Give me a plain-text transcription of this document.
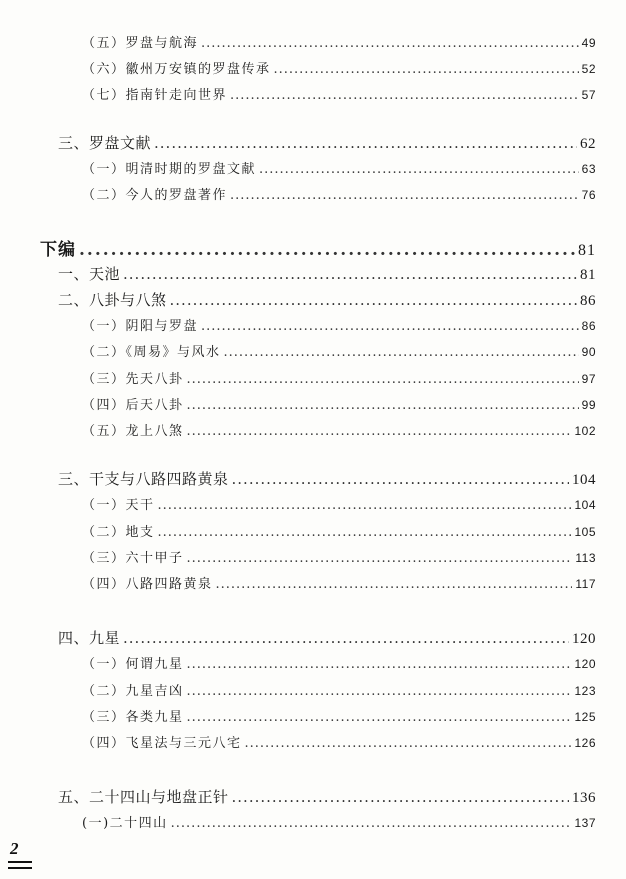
（五）罗盘与航海 .....	49
（六）徽州万安镇的罗盘传承 .....	52
（七）指南针走向世界 .....	57
三、罗盘文献 .....	62
（一）明清时期的罗盘文献 .....	63
（二）今人的罗盘著作 .....	76
下编 .....	81
一、天池 .....	81
二、八卦与八煞 .....	86
（一）阴阳与罗盘 .....	86
（二）《周易》与风水 .....	90
（三）先天八卦 .....	97
（四）后天八卦 .....	99
（五）龙上八煞 .....	102
三、干支与八路四路黄泉 .....	104
（一）天干 .....	104
（二）地支 .....	105
（三）六十甲子 .....	113
（四）八路四路黄泉 .....	117
四、九星 .....	120
（一）何谓九星 .....	120
（二）九星吉凶 .....	123
（三）各类九星 .....	125
（四）飞星法与三元八宅 .....	126
五、二十四山与地盘正针 .....	136
(一)二十四山 .....	137
2
